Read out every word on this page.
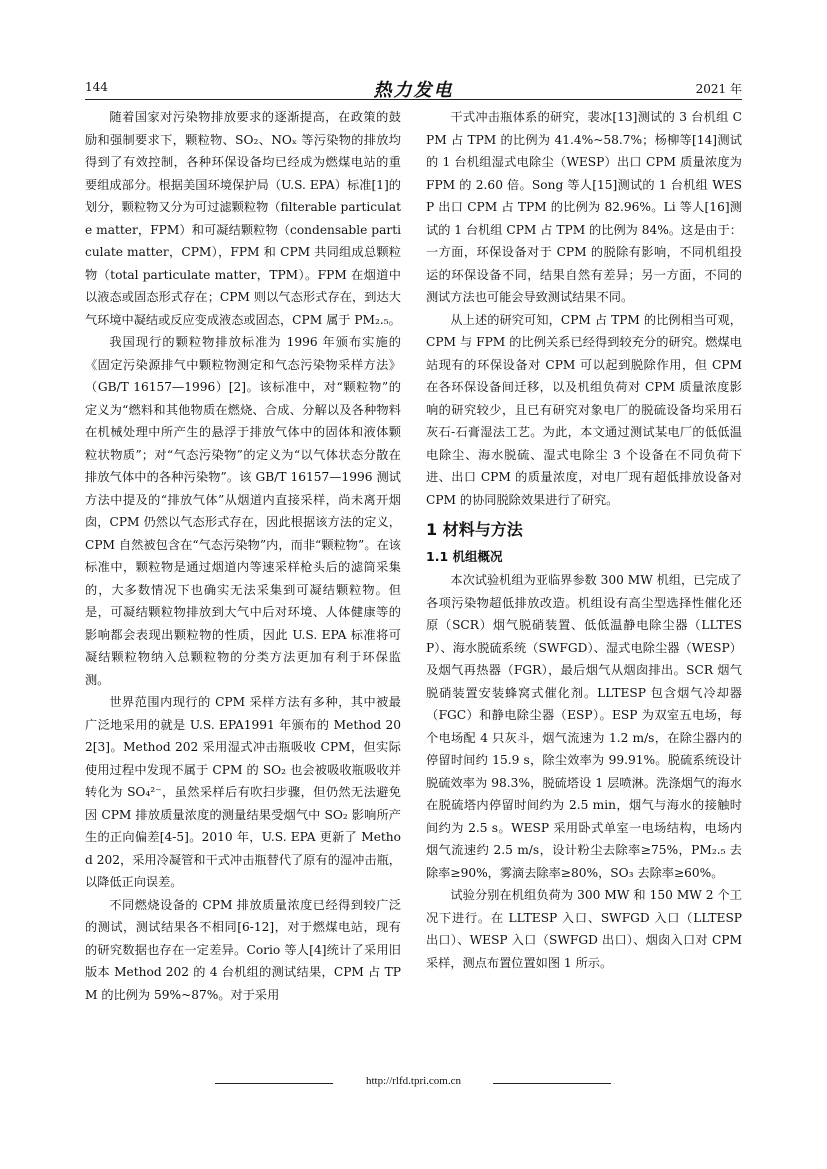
144	热力发电	2021 年

随着国家对污染物排放要求的逐渐提高，在政策的鼓励和强制要求下，颗粒物、SO₂、NOₓ 等污染物的排放均得到了有效控制，各种环保设备均已经成为燃煤电站的重要组成部分。根据美国环境保护局（U.S. EPA）标准[1]的划分，颗粒物又分为可过滤颗粒物（filterable particulate matter，FPM）和可凝结颗粒物（condensable particulate matter，CPM），FPM 和 CPM 共同组成总颗粒物（total particulate matter，TPM）。FPM 在烟道中以液态或固态形式存在；CPM 则以气态形式存在，到达大气环境中凝结或反应变成液态或固态，CPM 属于 PM₂.₅。

我国现行的颗粒物排放标准为 1996 年颁布实施的《固定污染源排气中颗粒物测定和气态污染物采样方法》（GB/T 16157—1996）[2]。该标准中，对“颗粒物”的定义为“燃料和其他物质在燃烧、合成、分解以及各种物料在机械处理中所产生的悬浮于排放气体中的固体和液体颗粒状物质”；对“气态污染物”的定义为“以气体状态分散在排放气体中的各种污染物”。该 GB/T 16157—1996 测试方法中提及的“排放气体”从烟道内直接采样，尚未离开烟囱，CPM 仍然以气态形式存在，因此根据该方法的定义，CPM 自然被包含在“气态污染物”内，而非“颗粒物”。在该标准中，颗粒物是通过烟道内等速采样枪头后的滤筒采集的，大多数情况下也确实无法采集到可凝结颗粒物。但是，可凝结颗粒物排放到大气中后对环境、人体健康等的影响都会表现出颗粒物的性质，因此 U.S. EPA 标准将可凝结颗粒物纳入总颗粒物的分类方法更加有利于环保监测。

世界范围内现行的 CPM 采样方法有多种，其中被最广泛地采用的就是 U.S. EPA1991 年颁布的 Method 202[3]。Method 202 采用湿式冲击瓶吸收 CPM，但实际使用过程中发现不属于 CPM 的 SO₂ 也会被吸收瓶吸收并转化为 SO₄²⁻，虽然采样后有吹扫步骤，但仍然无法避免因 CPM 排放质量浓度的测量结果受烟气中 SO₂ 影响所产生的正向偏差[4-5]。2010 年，U.S. EPA 更新了 Method 202，采用冷凝管和干式冲击瓶替代了原有的湿冲击瓶，以降低正向误差。

不同燃烧设备的 CPM 排放质量浓度已经得到较广泛的测试，测试结果各不相同[6-12]，对于燃煤电站，现有的研究数据也存在一定差异。Corio 等人[4]统计了采用旧版本 Method 202 的 4 台机组的测试结果，CPM 占 TPM 的比例为 59%~87%。对于采用

干式冲击瓶体系的研究，裴冰[13]测试的 3 台机组 CPM 占 TPM 的比例为 41.4%~58.7%；杨柳等[14]测试的 1 台机组湿式电除尘（WESP）出口 CPM 质量浓度为 FPM 的 2.60 倍。Song 等人[15]测试的 1 台机组 WESP 出口 CPM 占 TPM 的比例为 82.96%。Li 等人[16]测试的 1 台机组 CPM 占 TPM 的比例为 84%。这是由于：一方面，环保设备对于 CPM 的脱除有影响，不同机组投运的环保设备不同，结果自然有差异；另一方面，不同的测试方法也可能会导致测试结果不同。

从上述的研究可知，CPM 占 TPM 的比例相当可观，CPM 与 FPM 的比例关系已经得到较充分的研究。燃煤电站现有的环保设备对 CPM 可以起到脱除作用，但 CPM 在各环保设备间迁移，以及机组负荷对 CPM 质量浓度影响的研究较少，且已有研究对象电厂的脱硫设备均采用石灰石-石膏湿法工艺。为此，本文通过测试某电厂的低低温电除尘、海水脱硫、湿式电除尘 3 个设备在不同负荷下进、出口 CPM 的质量浓度，对电厂现有超低排放设备对 CPM 的协同脱除效果进行了研究。

1 材料与方法
1.1 机组概况

本次试验机组为亚临界参数 300 MW 机组，已完成了各项污染物超低排放改造。机组设有高尘型选择性催化还原（SCR）烟气脱硝装置、低低温静电除尘器（LLTESP）、海水脱硫系统（SWFGD）、湿式电除尘器（WESP）及烟气再热器（FGR），最后烟气从烟囱排出。SCR 烟气脱硝装置安装蜂窝式催化剂。LLTESP 包含烟气冷却器（FGC）和静电除尘器（ESP）。ESP 为双室五电场，每个电场配 4 只灰斗，烟气流速为 1.2 m/s，在除尘器内的停留时间约 15.9 s，除尘效率为 99.91%。脱硫系统设计脱硫效率为 98.3%，脱硫塔设 1 层喷淋。洗涤烟气的海水在脱硫塔内停留时间约为 2.5 min，烟气与海水的接触时间约为 2.5 s。WESP 采用卧式单室一电场结构，电场内烟气流速约 2.5 m/s，设计粉尘去除率≥75%，PM₂.₅ 去除率≥90%，雾滴去除率≥80%，SO₃ 去除率≥60%。

试验分别在机组负荷为 300 MW 和 150 MW 2 个工况下进行。在 LLTESP 入口、SWFGD 入口（LLTESP 出口）、WESP 入口（SWFGD 出口）、烟囱入口对 CPM 采样，测点布置位置如图 1 所示。

http://rlfd.tpri.com.cn
